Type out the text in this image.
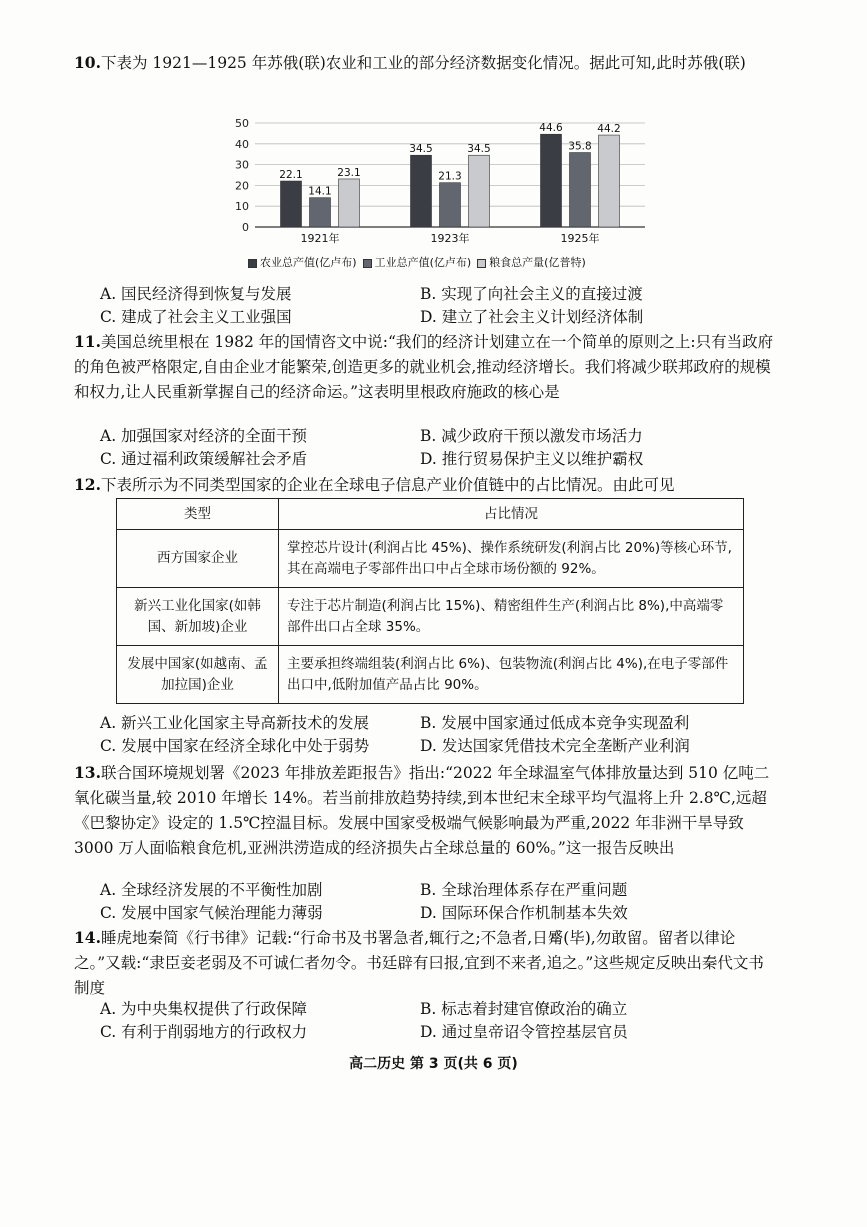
10.下表为 1921—1925 年苏俄(联)农业和工业的部分经济数据变化情况。据此可知,此时苏俄(联)
0
10
20
30
40
50
22.1
14.1
23.1
1921年
34.5
21.3
34.5
1923年
44.6
35.8
44.2
1925年
农业总产值(亿卢布) 工业总产值(亿卢布) 粮食总产量(亿普特)
A. 国民经济得到恢复与发展	B. 实现了向社会主义的直接过渡
C. 建成了社会主义工业强国	D. 建立了社会主义计划经济体制
11.美国总统里根在 1982 年的国情咨文中说:“我们的经济计划建立在一个简单的原则之上:只有当政府的角色被严格限定,自由企业才能繁荣,创造更多的就业机会,推动经济增长。我们将减少联邦政府的规模和权力,让人民重新掌握自己的经济命运。”这表明里根政府施政的核心是
A. 加强国家对经济的全面干预	B. 减少政府干预以激发市场活力
C. 通过福利政策缓解社会矛盾	D. 推行贸易保护主义以维护霸权
12.下表所示为不同类型国家的企业在全球电子信息产业价值链中的占比情况。由此可见
类型	占比情况
西方国家企业	掌控芯片设计(利润占比 45%)、操作系统研发(利润占比 20%)等核心环节,其在高端电子零部件出口中占全球市场份额的 92%。
新兴工业化国家(如韩国、新加坡)企业	专注于芯片制造(利润占比 15%)、精密组件生产(利润占比 8%),中高端零部件出口占全球 35%。
发展中国家(如越南、孟加拉国)企业	主要承担终端组装(利润占比 6%)、包装物流(利润占比 4%),在电子零部件出口中,低附加值产品占比 90%。
A. 新兴工业化国家主导高新技术的发展	B. 发展中国家通过低成本竞争实现盈利
C. 发展中国家在经济全球化中处于弱势	D. 发达国家凭借技术完全垄断产业利润
13.联合国环境规划署《2023 年排放差距报告》指出:“2022 年全球温室气体排放量达到 510 亿吨二氧化碳当量,较 2010 年增长 14%。若当前排放趋势持续,到本世纪末全球平均气温将上升 2.8℃,远超《巴黎协定》设定的 1.5℃控温目标。发展中国家受极端气候影响最为严重,2022 年非洲干旱导致 3000 万人面临粮食危机,亚洲洪涝造成的经济损失占全球总量的 60%。”这一报告反映出
A. 全球经济发展的不平衡性加剧	B. 全球治理体系存在严重问题
C. 发展中国家气候治理能力薄弱	D. 国际环保合作机制基本失效
14.睡虎地秦简《行书律》记载:“行命书及书署急者,辄行之;不急者,日觱(毕),勿敢留。留者以律论之。”又载:“隶臣妾老弱及不可诚仁者勿令。书廷辟有曰报,宜到不来者,追之。”这些规定反映出秦代文书制度
A. 为中央集权提供了行政保障	B. 标志着封建官僚政治的确立
C. 有利于削弱地方的行政权力	D. 通过皇帝诏令管控基层官员
高二历史 第 3 页(共 6 页)
